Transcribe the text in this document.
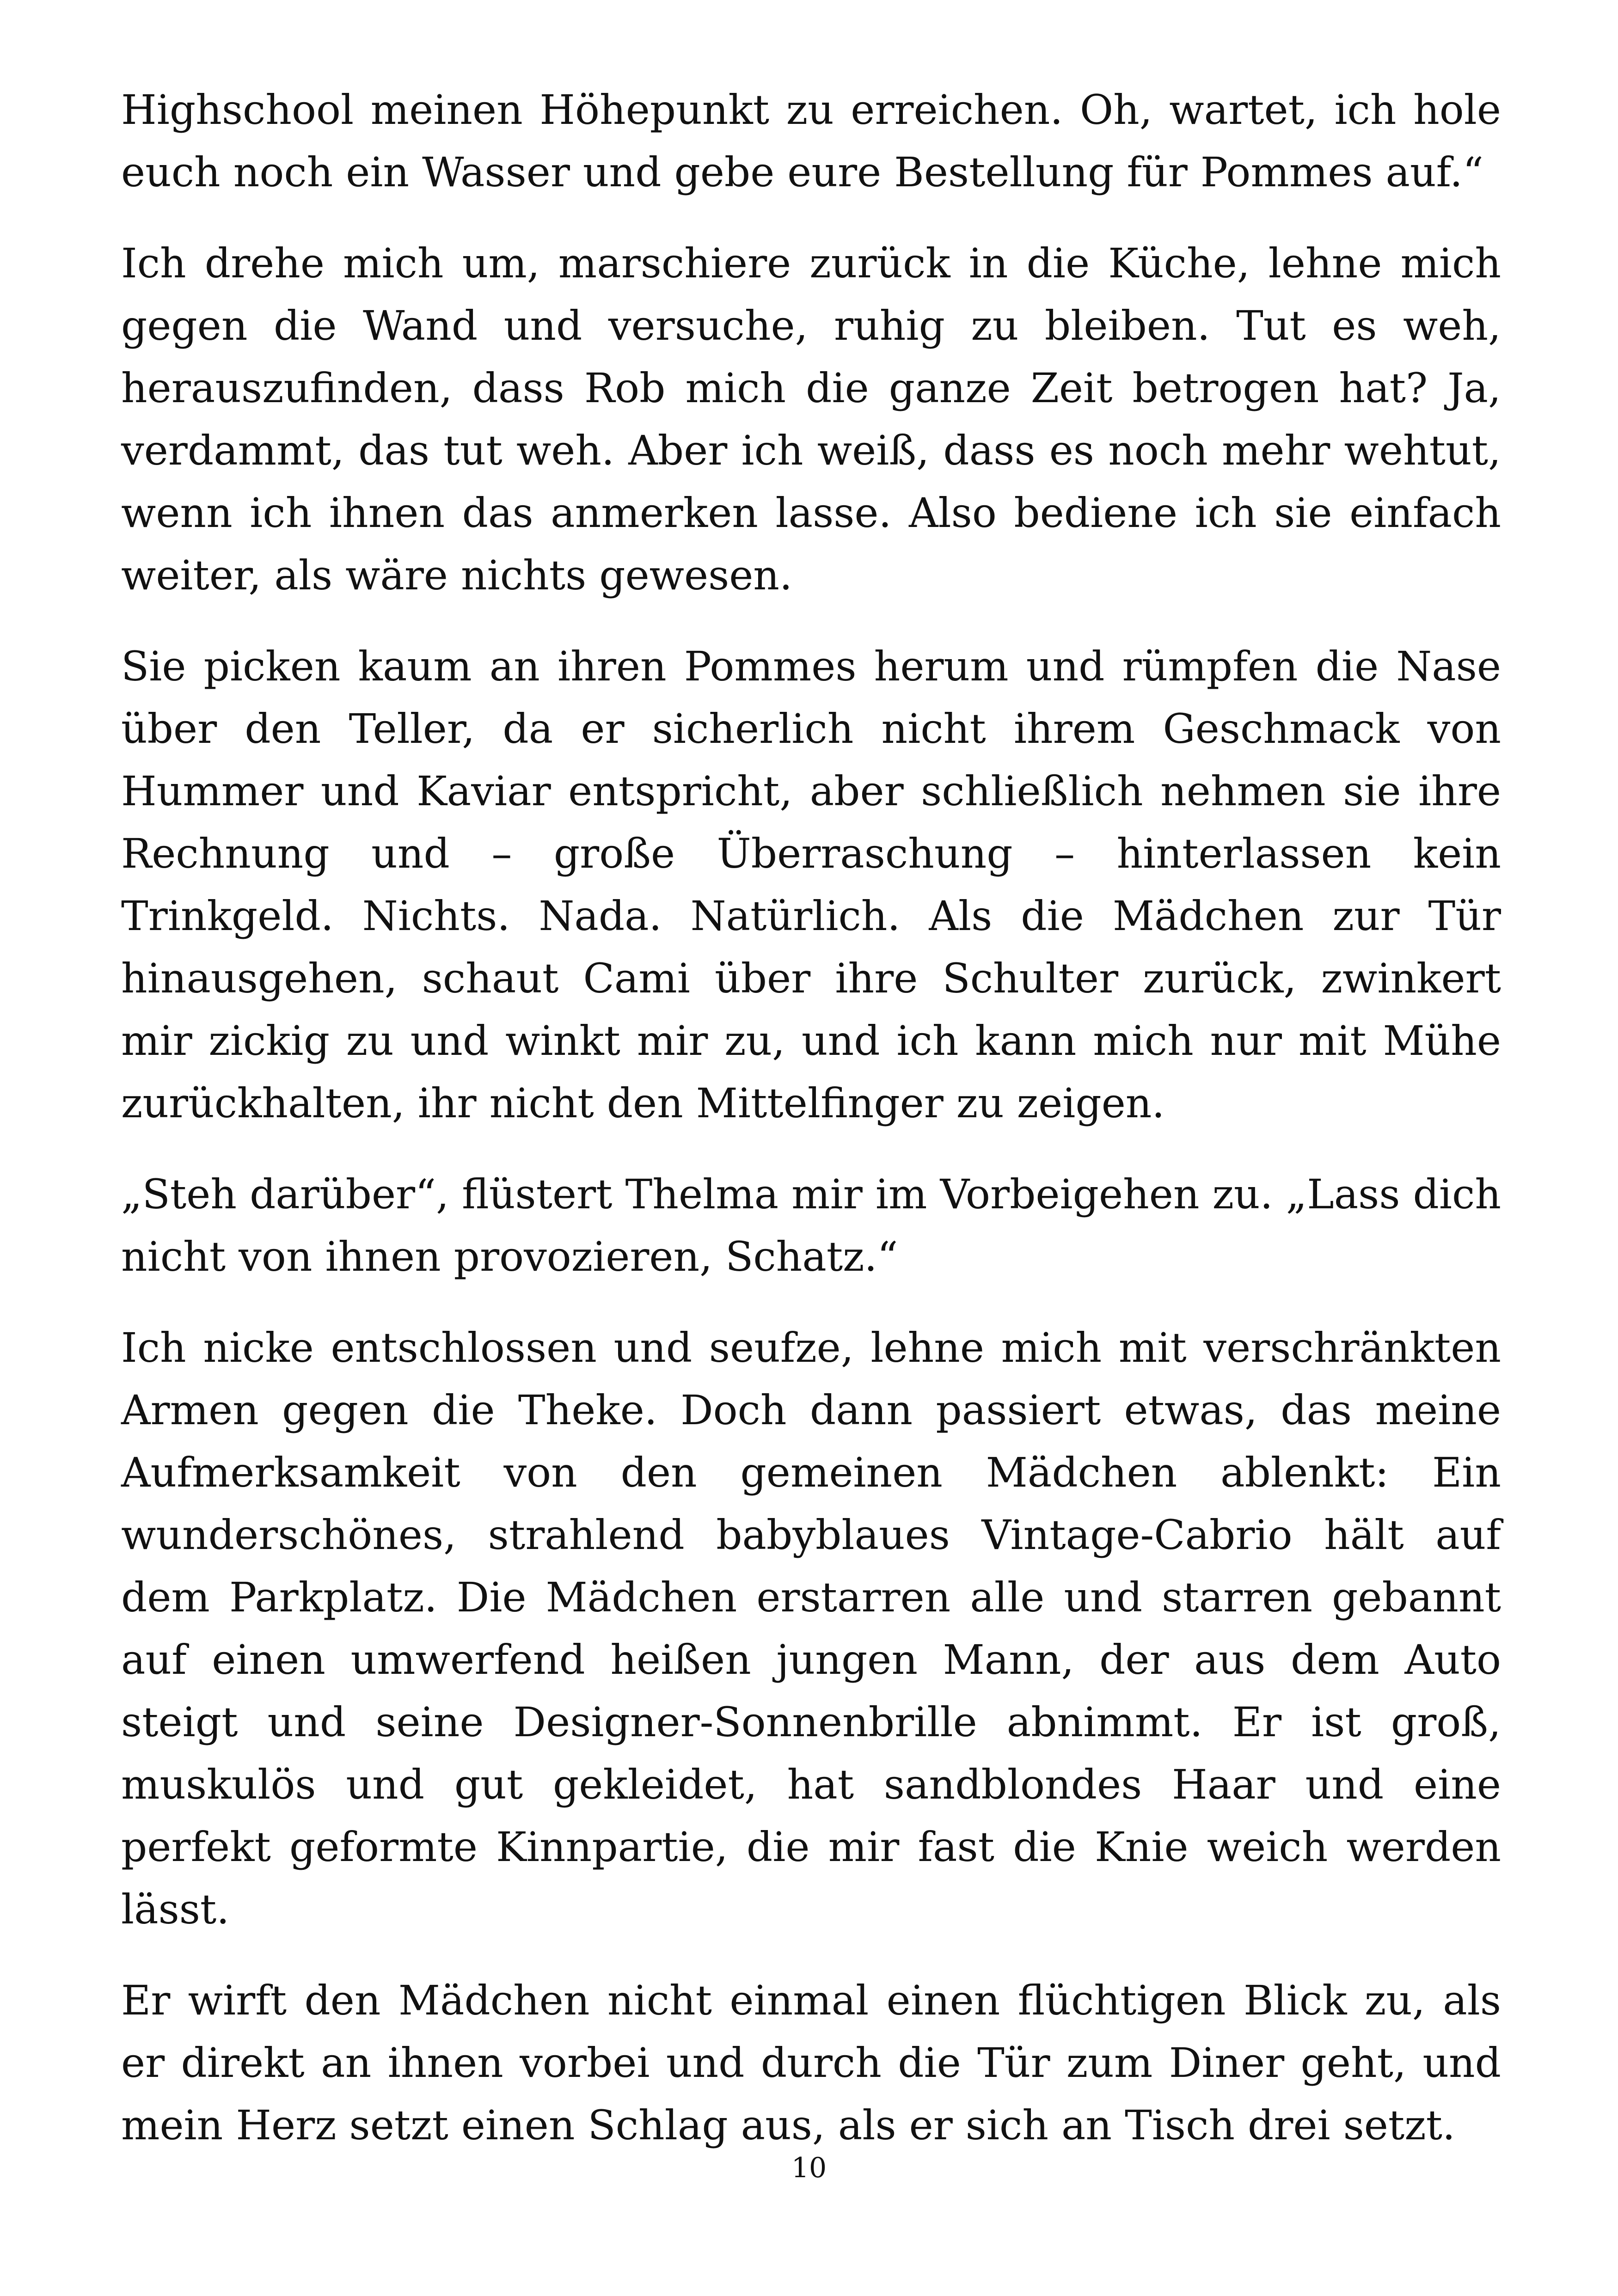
Highschool meinen Höhepunkt zu erreichen. Oh, wartet, ich hole euch noch ein Wasser und gebe eure Bestellung für Pommes auf.“

Ich drehe mich um, marschiere zurück in die Küche, lehne mich gegen die Wand und versuche, ruhig zu bleiben. Tut es weh, herauszufinden, dass Rob mich die ganze Zeit betrogen hat? Ja, verdammt, das tut weh. Aber ich weiß, dass es noch mehr wehtut, wenn ich ihnen das anmerken lasse. Also bediene ich sie einfach weiter, als wäre nichts gewesen.

Sie picken kaum an ihren Pommes herum und rümpfen die Nase über den Teller, da er sicherlich nicht ihrem Geschmack von Hummer und Kaviar entspricht, aber schließlich nehmen sie ihre Rechnung und – große Überraschung – hinterlassen kein Trinkgeld. Nichts. Nada. Natürlich. Als die Mädchen zur Tür hinausgehen, schaut Cami über ihre Schulter zurück, zwinkert mir zickig zu und winkt mir zu, und ich kann mich nur mit Mühe zurückhalten, ihr nicht den Mittelfinger zu zeigen.

„Steh darüber“, flüstert Thelma mir im Vorbeigehen zu. „Lass dich nicht von ihnen provozieren, Schatz.“

Ich nicke entschlossen und seufze, lehne mich mit verschränkten Armen gegen die Theke. Doch dann passiert etwas, das meine Aufmerksamkeit von den gemeinen Mädchen ablenkt: Ein wunderschönes, strahlend babyblaues Vintage-Cabrio hält auf dem Parkplatz. Die Mädchen erstarren alle und starren gebannt auf einen umwerfend heißen jungen Mann, der aus dem Auto steigt und seine Designer-Sonnenbrille abnimmt. Er ist groß, muskulös und gut gekleidet, hat sandblondes Haar und eine perfekt geformte Kinnpartie, die mir fast die Knie weich werden lässt.

Er wirft den Mädchen nicht einmal einen flüchtigen Blick zu, als er direkt an ihnen vorbei und durch die Tür zum Diner geht, und mein Herz setzt einen Schlag aus, als er sich an Tisch drei setzt.

10
